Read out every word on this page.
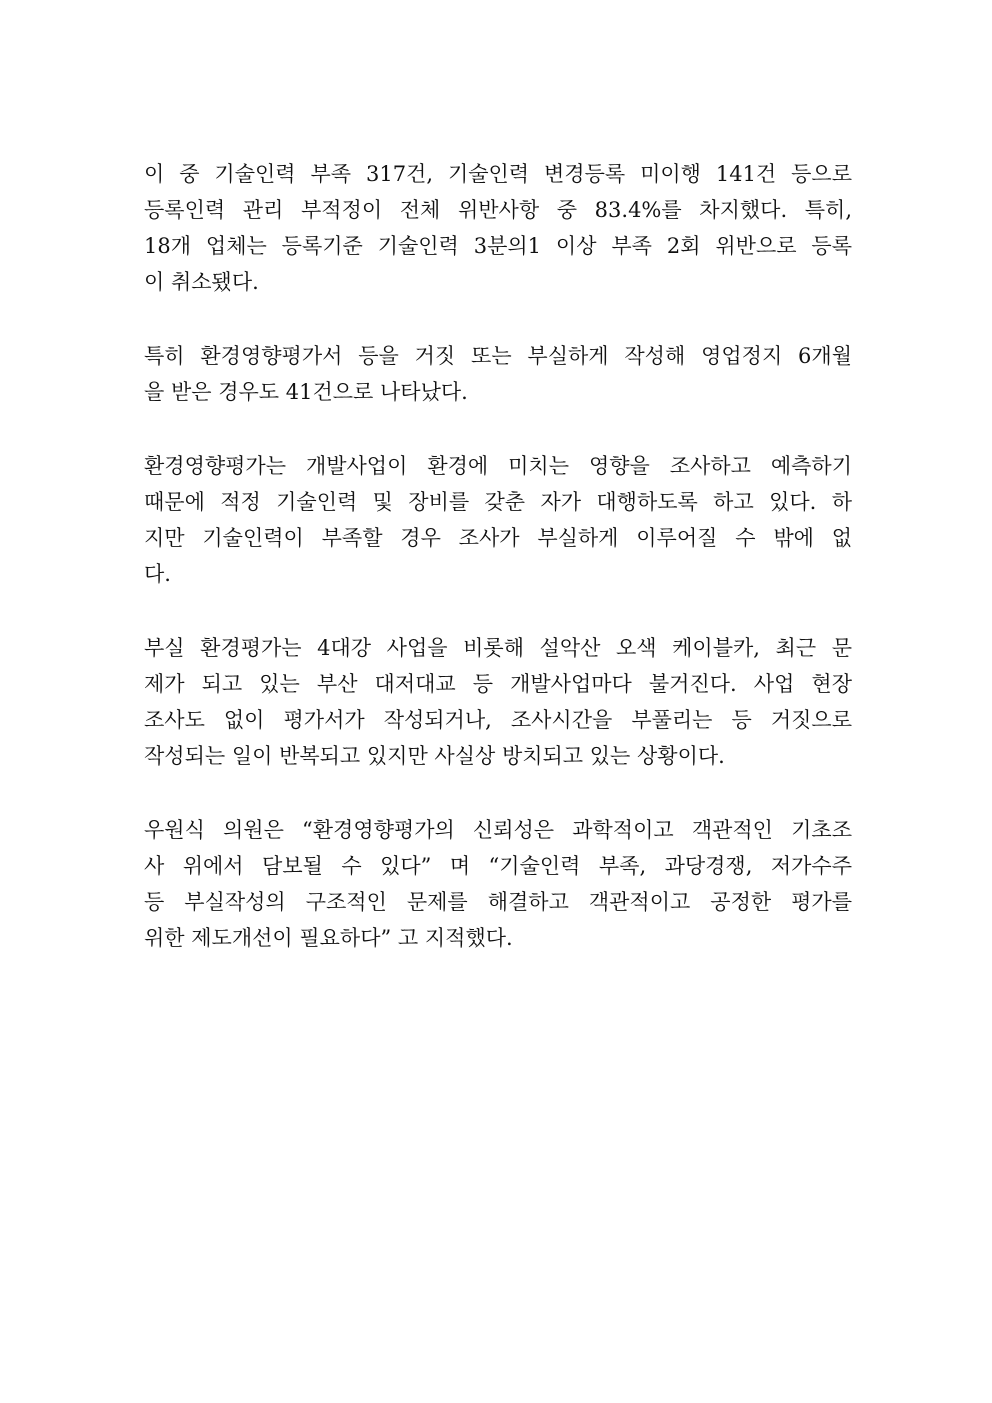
이 중 기술인력 부족 317건, 기술인력 변경등록 미이행 141건 등으로
등록인력 관리 부적정이 전체 위반사항 중 83.4%를 차지했다. 특히,
18개 업체는 등록기준 기술인력 3분의1 이상 부족 2회 위반으로 등록
이 취소됐다.
특히 환경영향평가서 등을 거짓 또는 부실하게 작성해 영업정지 6개월
을 받은 경우도 41건으로 나타났다.
환경영향평가는 개발사업이 환경에 미치는 영향을 조사하고 예측하기
때문에 적정 기술인력 및 장비를 갖춘 자가 대행하도록 하고 있다. 하
지만 기술인력이 부족할 경우 조사가 부실하게 이루어질 수 밖에 없
다.
부실 환경평가는 4대강 사업을 비롯해 설악산 오색 케이블카, 최근 문
제가 되고 있는 부산 대저대교 등 개발사업마다 불거진다. 사업 현장
조사도 없이 평가서가 작성되거나, 조사시간을 부풀리는 등 거짓으로
작성되는 일이 반복되고 있지만 사실상 방치되고 있는 상황이다.
우원식 의원은 “환경영향평가의 신뢰성은 과학적이고 객관적인 기초조
사 위에서 담보될 수 있다” 며 “기술인력 부족, 과당경쟁, 저가수주
등 부실작성의 구조적인 문제를 해결하고 객관적이고 공정한 평가를
위한 제도개선이 필요하다” 고 지적했다.
